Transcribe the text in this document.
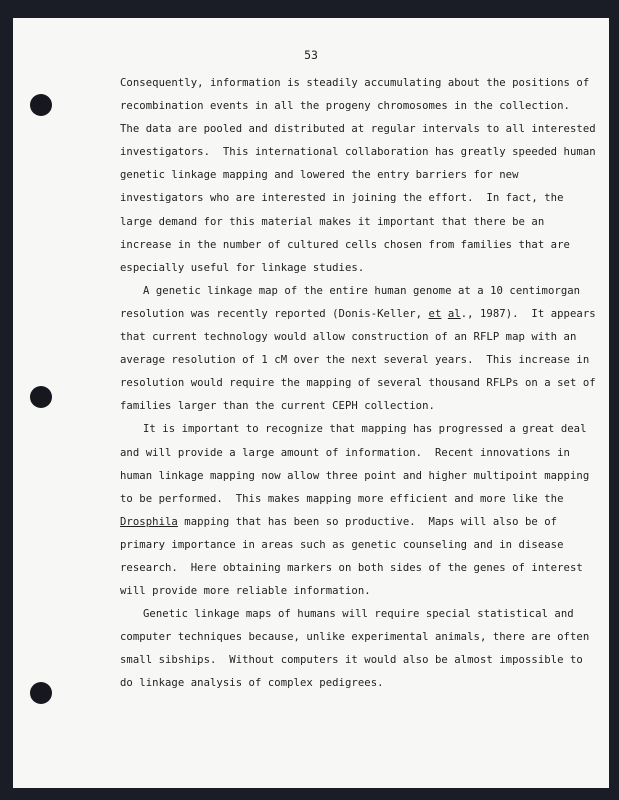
53
Consequently, information is steadily accumulating about the positions of
recombination events in all the progeny chromosomes in the collection.
The data are pooled and distributed at regular intervals to all interested
investigators.  This international collaboration has greatly speeded human
genetic linkage mapping and lowered the entry barriers for new
investigators who are interested in joining the effort.  In fact, the
large demand for this material makes it important that there be an
increase in the number of cultured cells chosen from families that are
especially useful for linkage studies.
A genetic linkage map of the entire human genome at a 10 centimorgan
resolution was recently reported (Donis-Keller, et al., 1987).  It appears
that current technology would allow construction of an RFLP map with an
average resolution of 1 cM over the next several years.  This increase in
resolution would require the mapping of several thousand RFLPs on a set of
families larger than the current CEPH collection.
It is important to recognize that mapping has progressed a great deal
and will provide a large amount of information.  Recent innovations in
human linkage mapping now allow three point and higher multipoint mapping
to be performed.  This makes mapping more efficient and more like the
Drosphila mapping that has been so productive.  Maps will also be of
primary importance in areas such as genetic counseling and in disease
research.  Here obtaining markers on both sides of the genes of interest
will provide more reliable information.
Genetic linkage maps of humans will require special statistical and
computer techniques because, unlike experimental animals, there are often
small sibships.  Without computers it would also be almost impossible to
do linkage analysis of complex pedigrees.
